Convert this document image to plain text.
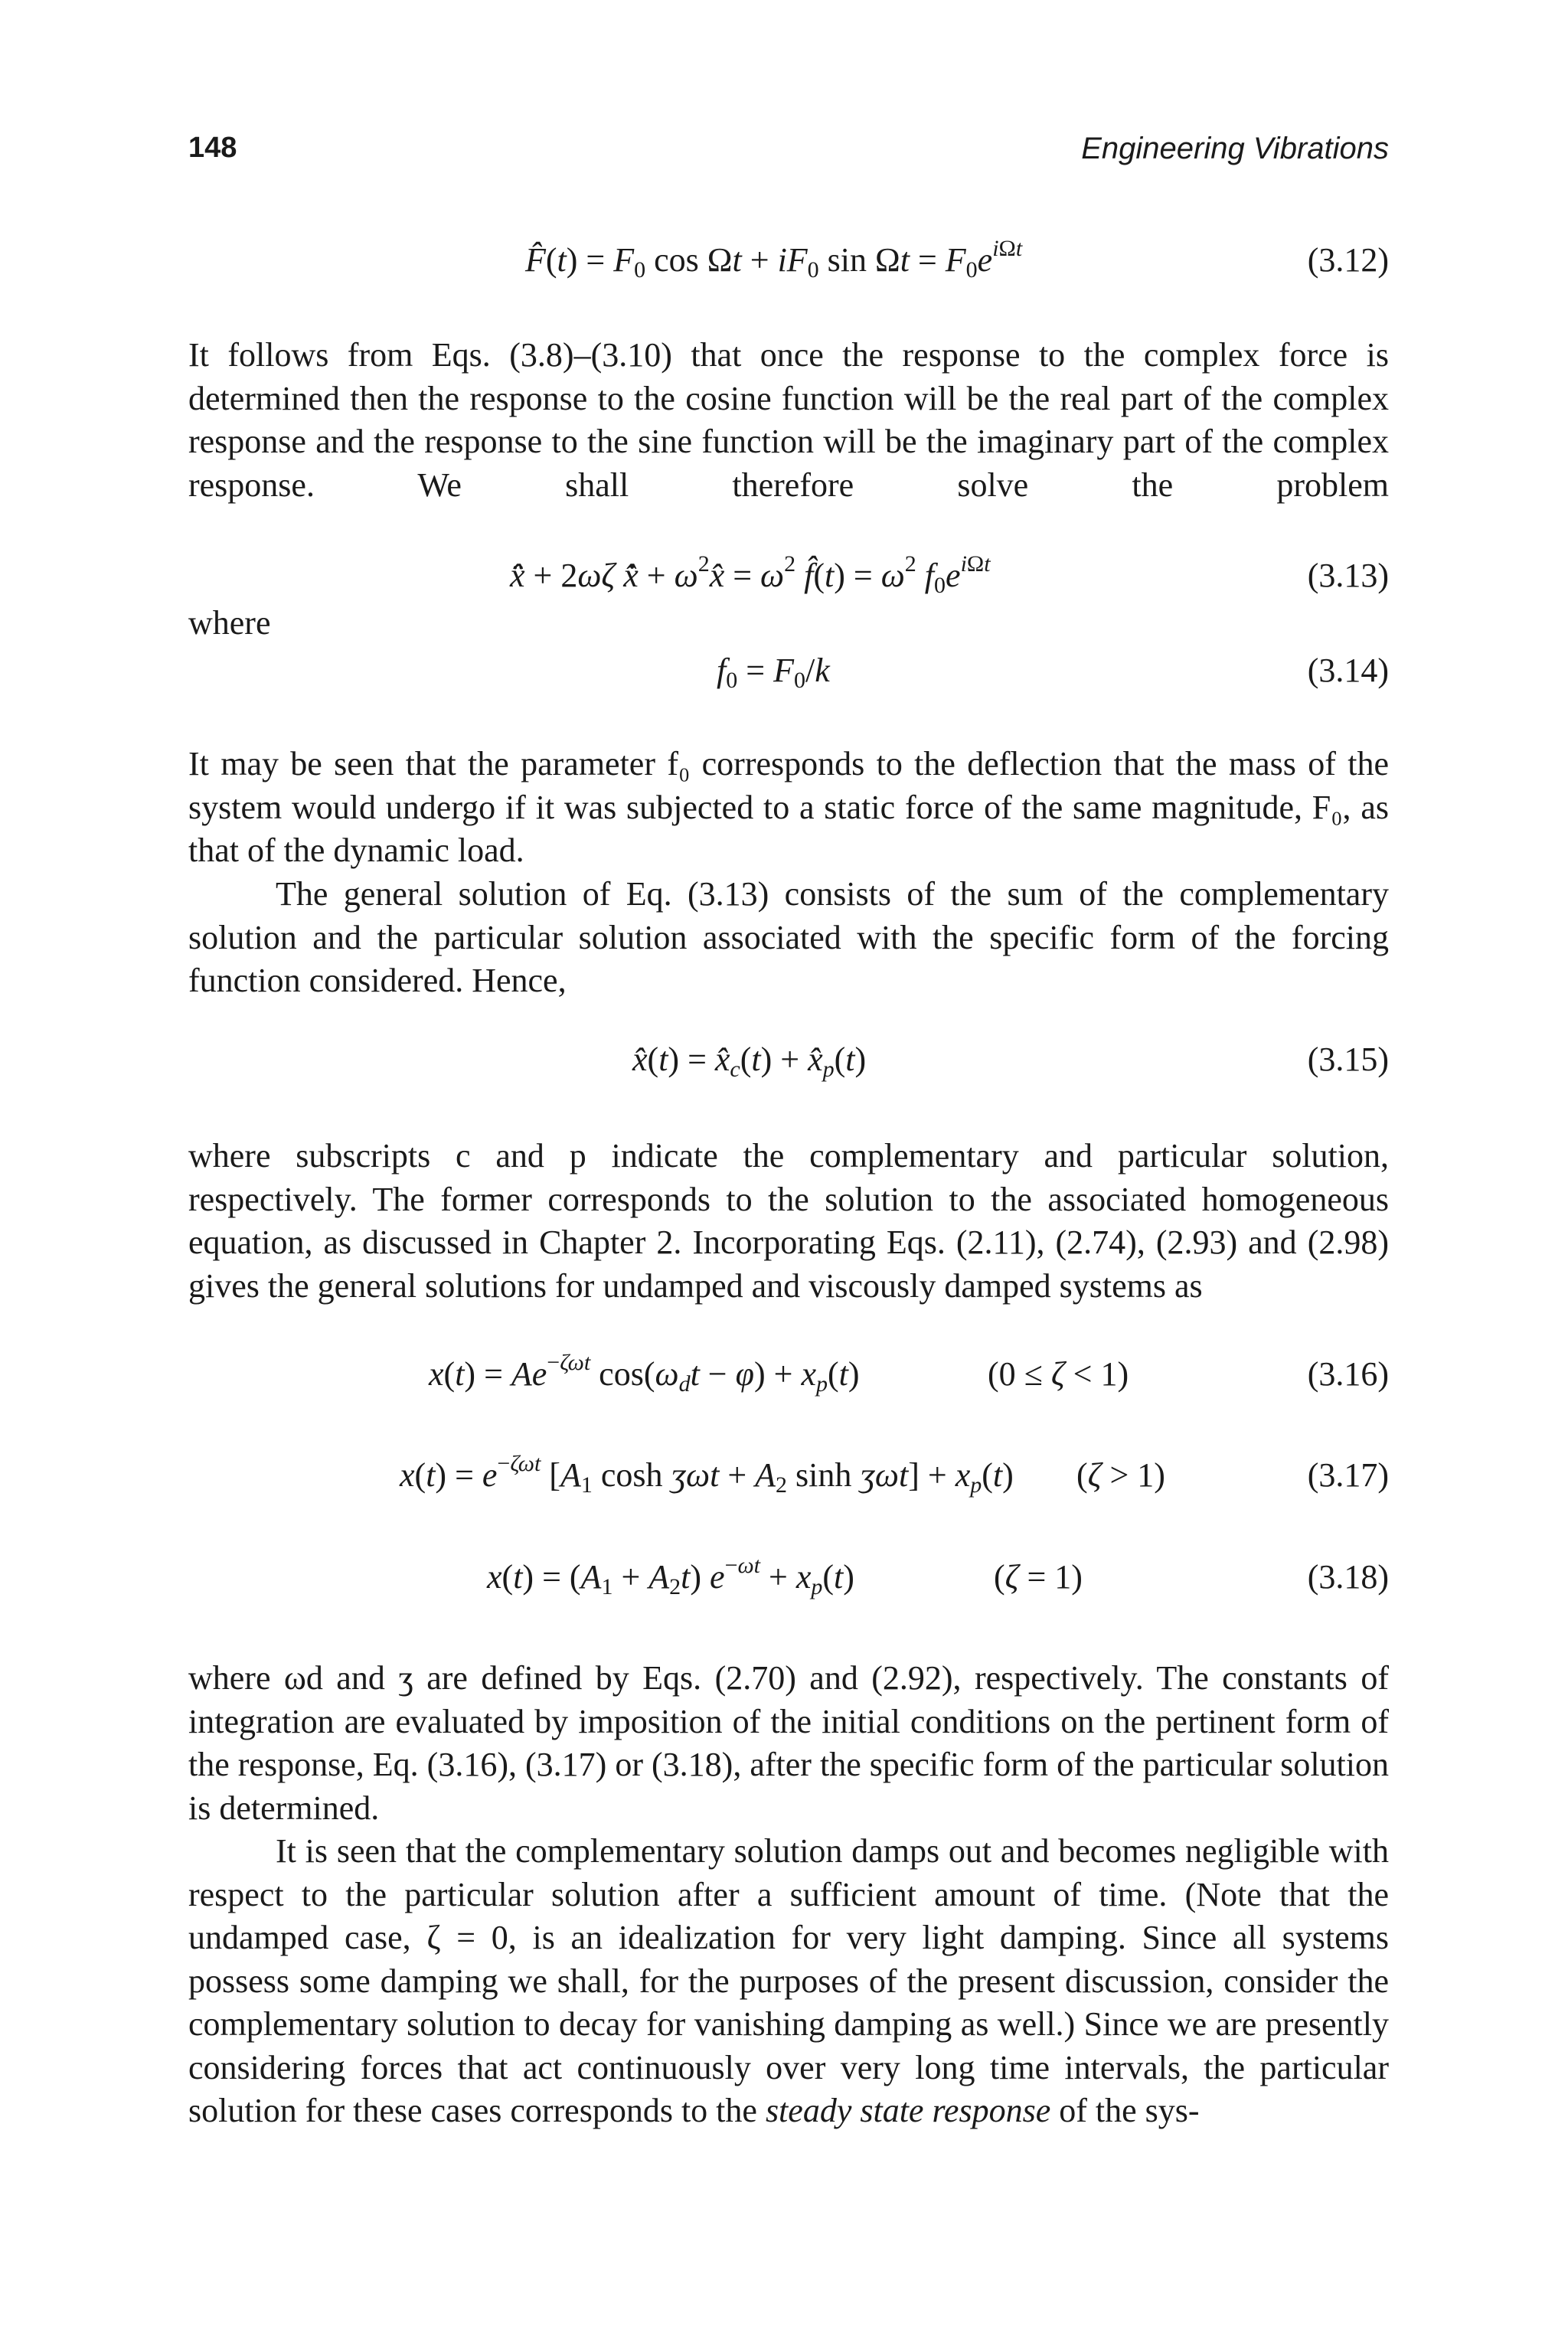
148	Engineering Vibrations
F̂(t) = $F_0$ $\cos \Omega t + iF_0$ $\sin \Omega t = F_0e^{i\Omega t}$	(3.12)
It follows from Eqs. (3.8)–(3.10) that once the response to the complex force is determined then the response to the cosine function will be the real part of the complex response and the response to the sine function will be the imaginary part of the complex response. We shall therefore solve the problem
x̂̈ + 2ωζ x̂̇ + $\omega^2x̂ = \omega^2$ f̂(t) = $\omega^2$ $f_0e^{i\Omega t}$	(3.13)
where
$f_0 = F_0/k$	(3.14)
It may be seen that the parameter f₀ corresponds to the deflection that the mass of the system would undergo if it was subjected to a static force of the same magnitude, F₀, as that of the dynamic load.
The general solution of Eq. (3.13) consists of the sum of the complementary solution and the particular solution associated with the specific form of the forcing function considered. Hence,
x̂(t) = $x̂_c(t)$ + $x̂_p(t)$	(3.15)
where subscripts c and p indicate the complementary and particular solution, respectively. The former corresponds to the solution to the associated homogeneous equation, as discussed in Chapter 2. Incorporating Eqs. (2.11), (2.74), (2.93) and (2.98) gives the general solutions for undamped and viscously damped systems as
$x(t) = Ae^{-\zeta\omega t}$ $\cos(\omega_dt - \varphi) + x_p(t)$	(0 ≤ ζ < 1)	(3.16)
$x(t) = e^{-\zeta\omega t}$ [$A_1$ cosh ʒωt + $A_2$ sinh ʒωt] + $x_p(t) (\zeta > 1)$	(3.17)
$x(t) = (A_1 + A_2t) e^{-\omega t} + x_p(t)$	(ζ = 1)	(3.18)
where ωd and ʒ are defined by Eqs. (2.70) and (2.92), respectively. The constants of integration are evaluated by imposition of the initial conditions on the pertinent form of the response, Eq. (3.16), (3.17) or (3.18), after the specific form of the particular solution is determined.
It is seen that the complementary solution damps out and becomes negligible with respect to the particular solution after a sufficient amount of time. (Note that the undamped case, ζ = 0, is an idealization for very light damping. Since all systems possess some damping we shall, for the purposes of the present discussion, consider the complementary solution to decay for vanishing damping as well.) Since we are presently considering forces that act continuously over very long time intervals, the particular solution for these cases corresponds to the steady state response of the sys-
